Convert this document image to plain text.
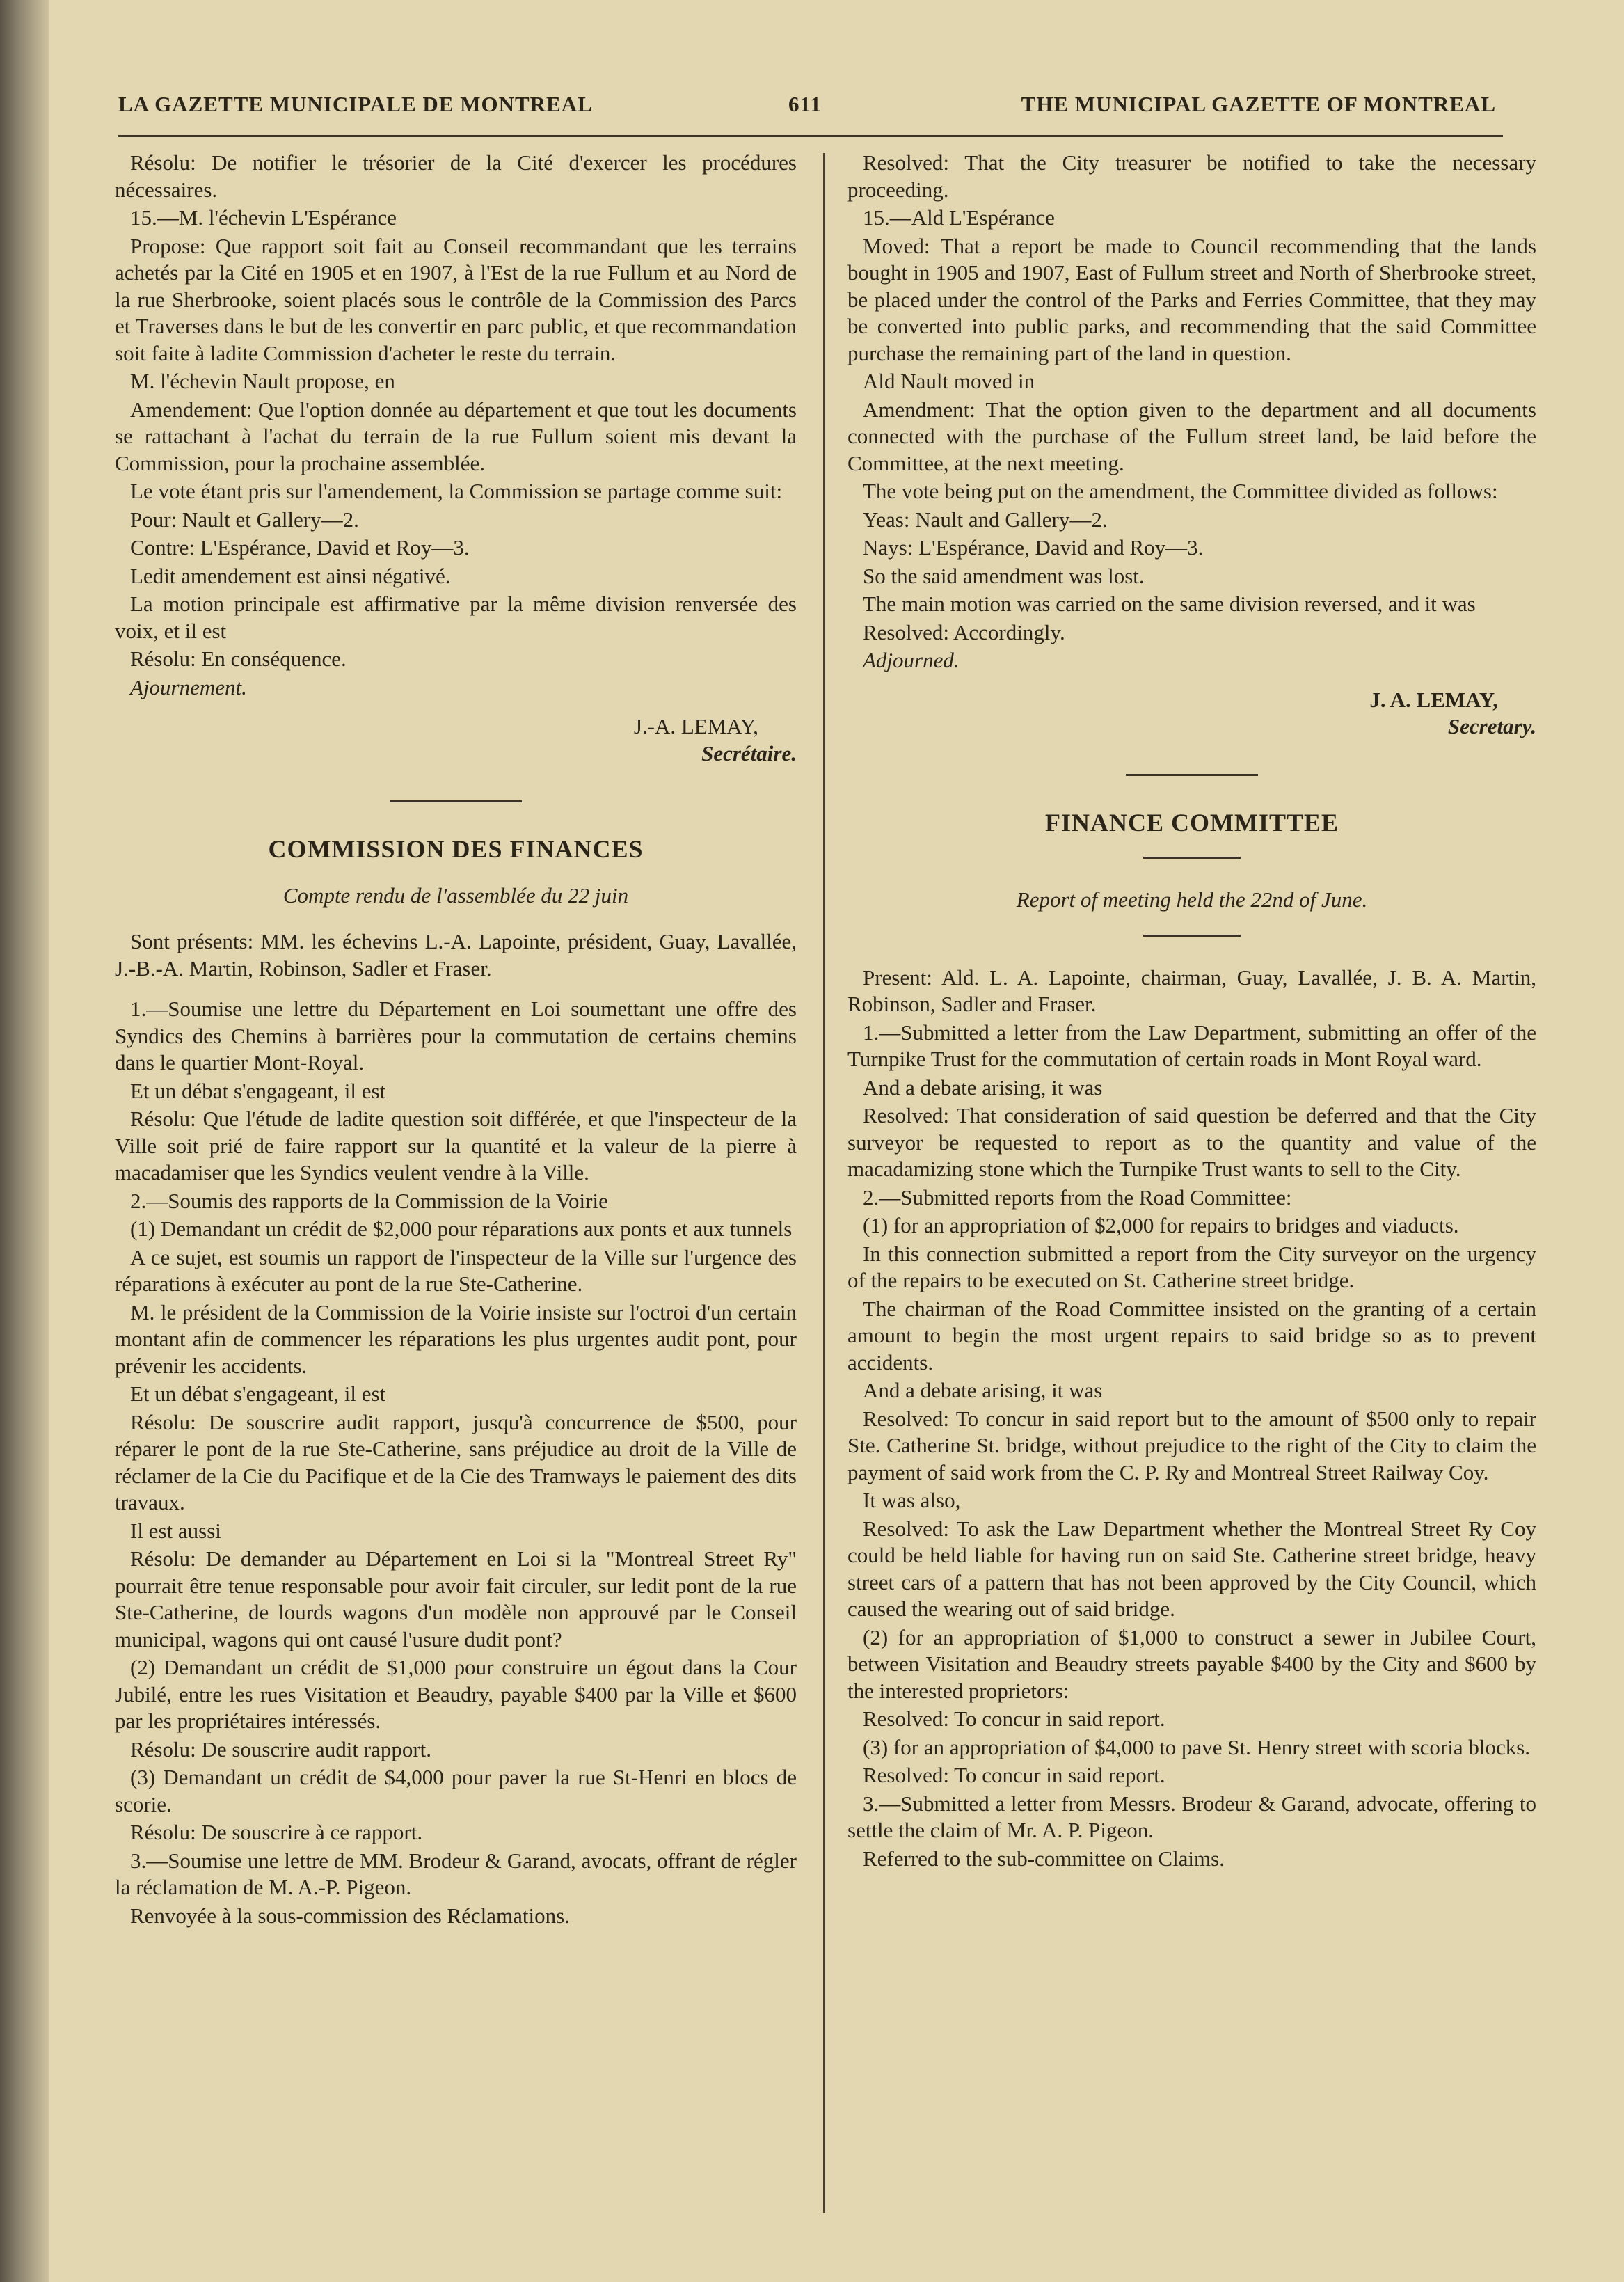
LA GAZETTE MUNICIPALE DE MONTREAL	611	THE MUNICIPAL GAZETTE OF MONTREAL

Résolu: De notifier le trésorier de la Cité d'exercer les procédures nécessaires.

15.—M. l'échevin L'Espérance

Propose: Que rapport soit fait au Conseil recommandant que les terrains achetés par la Cité en 1905 et en 1907, à l'Est de la rue Fullum et au Nord de la rue Sherbrooke, soient placés sous le contrôle de la Commission des Parcs et Traverses dans le but de les convertir en parc public, et que recommandation soit faite à ladite Commission d'acheter le reste du terrain.

M. l'échevin Nault propose, en

Amendement: Que l'option donnée au département et que tout les documents se rattachant à l'achat du terrain de la rue Fullum soient mis devant la Commission, pour la prochaine assemblée.

Le vote étant pris sur l'amendement, la Commission se partage comme suit:

Pour: Nault et Gallery—2.

Contre: L'Espérance, David et Roy—3.

Ledit amendement est ainsi négativé.

La motion principale est affirmative par la même division renversée des voix, et il est

Résolu: En conséquence.

Ajournement.

J.-A. LEMAY,
Secrétaire.

COMMISSION DES FINANCES

Compte rendu de l'assemblée du 22 juin

Sont présents: MM. les échevins L.-A. Lapointe, président, Guay, Lavallée, J.-B.-A. Martin, Robinson, Sadler et Fraser.

1.—Soumise une lettre du Département en Loi soumettant une offre des Syndics des Chemins à barrières pour la commutation de certains chemins dans le quartier Mont-Royal.

Et un débat s'engageant, il est

Résolu: Que l'étude de ladite question soit différée, et que l'inspecteur de la Ville soit prié de faire rapport sur la quantité et la valeur de la pierre à macadamiser que les Syndics veulent vendre à la Ville.

2.—Soumis des rapports de la Commission de la Voirie

(1) Demandant un crédit de $2,000 pour réparations aux ponts et aux tunnels

A ce sujet, est soumis un rapport de l'inspecteur de la Ville sur l'urgence des réparations à exécuter au pont de la rue Ste-Catherine.

M. le président de la Commission de la Voirie insiste sur l'octroi d'un certain montant afin de commencer les réparations les plus urgentes audit pont, pour prévenir les accidents.

Et un débat s'engageant, il est

Résolu: De souscrire audit rapport, jusqu'à concurrence de $500, pour réparer le pont de la rue Ste-Catherine, sans préjudice au droit de la Ville de réclamer de la Cie du Pacifique et de la Cie des Tramways le paiement des dits travaux.

Il est aussi

Résolu: De demander au Département en Loi si la "Montreal Street Ry" pourrait être tenue responsable pour avoir fait circuler, sur ledit pont de la rue Ste-Catherine, de lourds wagons d'un modèle non approuvé par le Conseil municipal, wagons qui ont causé l'usure dudit pont?

(2) Demandant un crédit de $1,000 pour construire un égout dans la Cour Jubilé, entre les rues Visitation et Beaudry, payable $400 par la Ville et $600 par les propriétaires intéressés.

Résolu: De souscrire audit rapport.

(3) Demandant un crédit de $4,000 pour paver la rue St-Henri en blocs de scorie.

Résolu: De souscrire à ce rapport.

3.—Soumise une lettre de MM. Brodeur & Garand, avocats, offrant de régler la réclamation de M. A.-P. Pigeon.

Renvoyée à la sous-commission des Réclamations.

Resolved: That the City treasurer be notified to take the necessary proceeding.

15.—Ald L'Espérance

Moved: That a report be made to Council recommending that the lands bought in 1905 and 1907, East of Fullum street and North of Sherbrooke street, be placed under the control of the Parks and Ferries Committee, that they may be converted into public parks, and recommending that the said Committee purchase the remaining part of the land in question.

Ald Nault moved in

Amendment: That the option given to the department and all documents connected with the purchase of the Fullum street land, be laid before the Committee, at the next meeting.

The vote being put on the amendment, the Committee divided as follows:

Yeas: Nault and Gallery—2.

Nays: L'Espérance, David and Roy—3.

So the said amendment was lost.

The main motion was carried on the same division reversed, and it was

Resolved: Accordingly.

Adjourned.

J. A. LEMAY,
Secretary.

FINANCE COMMITTEE

Report of meeting held the 22nd of June.

Present: Ald. L. A. Lapointe, chairman, Guay, Lavallée, J. B. A. Martin, Robinson, Sadler and Fraser.

1.—Submitted a letter from the Law Department, submitting an offer of the Turnpike Trust for the commutation of certain roads in Mont Royal ward.

And a debate arising, it was

Resolved: That consideration of said question be deferred and that the City surveyor be requested to report as to the quantity and value of the macadamizing stone which the Turnpike Trust wants to sell to the City.

2.—Submitted reports from the Road Committee:

(1) for an appropriation of $2,000 for repairs to bridges and viaducts.

In this connection submitted a report from the City surveyor on the urgency of the repairs to be executed on St. Catherine street bridge.

The chairman of the Road Committee insisted on the granting of a certain amount to begin the most urgent repairs to said bridge so as to prevent accidents.

And a debate arising, it was

Resolved: To concur in said report but to the amount of $500 only to repair Ste. Catherine St. bridge, without prejudice to the right of the City to claim the payment of said work from the C. P. Ry and Montreal Street Railway Coy.

It was also,

Resolved: To ask the Law Department whether the Montreal Street Ry Coy could be held liable for having run on said Ste. Catherine street bridge, heavy street cars of a pattern that has not been approved by the City Council, which caused the wearing out of said bridge.

(2) for an appropriation of $1,000 to construct a sewer in Jubilee Court, between Visitation and Beaudry streets payable $400 by the City and $600 by the interested proprietors:

Resolved: To concur in said report.

(3) for an appropriation of $4,000 to pave St. Henry street with scoria blocks.

Resolved: To concur in said report.

3.—Submitted a letter from Messrs. Brodeur & Garand, advocate, offering to settle the claim of Mr. A. P. Pigeon.

Referred to the sub-committee on Claims.
